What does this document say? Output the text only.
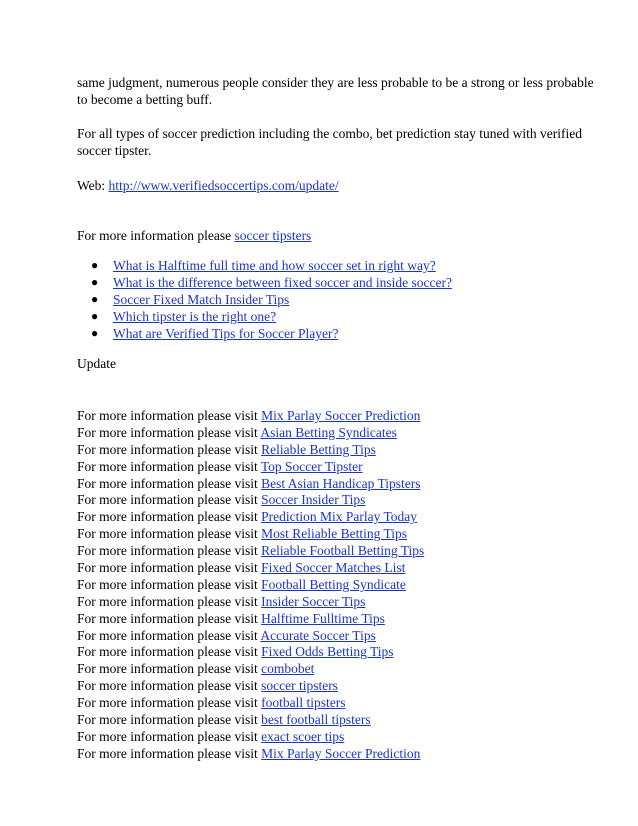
same judgment, numerous people consider they are less probable to be a strong or less probable to become a betting buff.

For all types of soccer prediction including the combo, bet prediction stay tuned with verified soccer tipster.

Web: http://www.verifiedsoccertips.com/update/

For more information please soccer tipsters

● What is Halftime full time and how soccer set in right way?
● What is the difference between fixed soccer and inside soccer?
● Soccer Fixed Match Insider Tips
● Which tipster is the right one?
● What are Verified Tips for Soccer Player?

Update

For more information please visit Mix Parlay Soccer Prediction
For more information please visit Asian Betting Syndicates
For more information please visit Reliable Betting Tips
For more information please visit Top Soccer Tipster
For more information please visit Best Asian Handicap Tipsters
For more information please visit Soccer Insider Tips
For more information please visit Prediction Mix Parlay Today
For more information please visit Most Reliable Betting Tips
For more information please visit Reliable Football Betting Tips
For more information please visit Fixed Soccer Matches List
For more information please visit Football Betting Syndicate
For more information please visit Insider Soccer Tips
For more information please visit Halftime Fulltime Tips
For more information please visit Accurate Soccer Tips
For more information please visit Fixed Odds Betting Tips
For more information please visit combobet
For more information please visit soccer tipsters
For more information please visit football tipsters
For more information please visit best football tipsters
For more information please visit exact scoer tips
For more information please visit Mix Parlay Soccer Prediction
